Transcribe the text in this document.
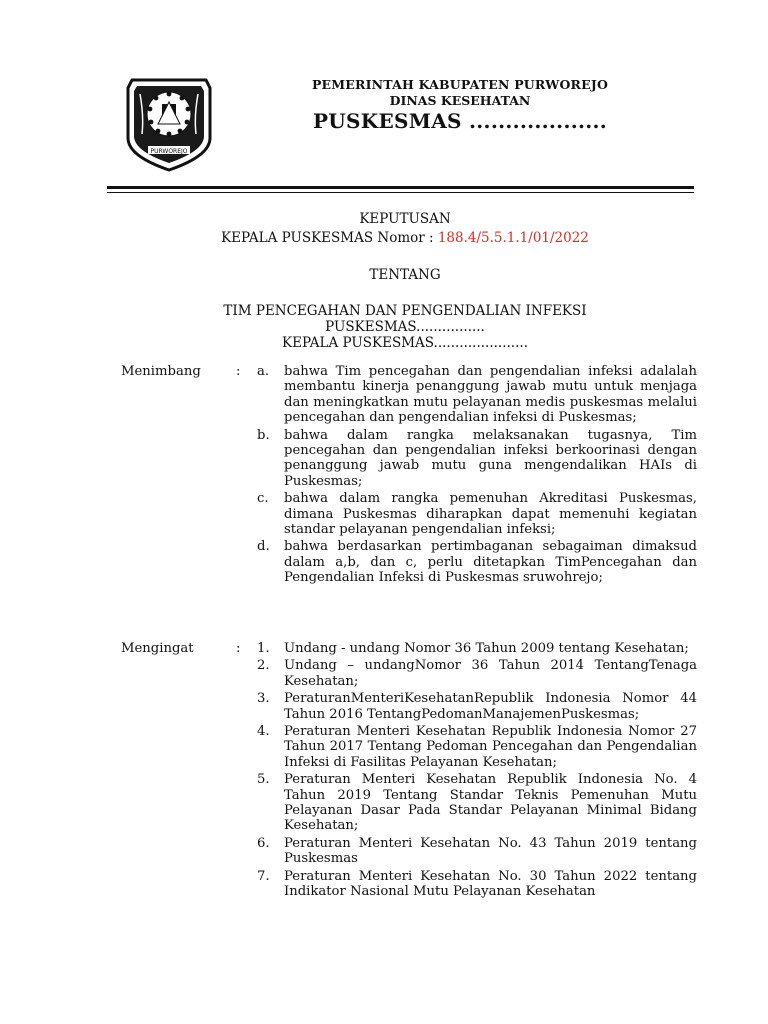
PURWOREJO
PEMERINTAH KABUPATEN PURWOREJO
DINAS KESEHATAN
PUSKESMAS ...................
KEPUTUSAN
KEPALA PUSKESMAS Nomor : 188.4/5.5.1.1/01/2022
TENTANG
TIM PENCEGAHAN DAN PENGENDALIAN INFEKSI
PUSKESMAS................
KEPALA PUSKESMAS......................
Menimbang	: a. bahwa Tim pencegahan dan pengendalian infeksi adalalah membantu kinerja penanggung jawab mutu untuk menjaga dan meningkatkan mutu pelayanan medis puskesmas melalui pencegahan dan pengendalian infeksi di Puskesmas;
b. bahwa dalam rangka melaksanakan tugasnya, Tim pencegahan dan pengendalian infeksi berkoorinasi dengan penanggung jawab mutu guna mengendalikan HAIs di Puskesmas;
c. bahwa dalam rangka pemenuhan Akreditasi Puskesmas, dimana Puskesmas diharapkan dapat memenuhi kegiatan standar pelayanan pengendalian infeksi;
d. bahwa berdasarkan pertimbaganan sebagaiman dimaksud dalam a,b, dan c, perlu ditetapkan TimPencegahan dan Pengendalian Infeksi di Puskesmas sruwohrejo;
Mengingat	: 1. Undang - undang Nomor 36 Tahun 2009 tentang Kesehatan;
2. Undang – undangNomor 36 Tahun 2014 TentangTenaga Kesehatan;
3. PeraturanMenteriKesehatanRepublik Indonesia Nomor 44 Tahun 2016 TentangPedomanManajemenPuskesmas;
4. Peraturan Menteri Kesehatan Republik Indonesia Nomor 27 Tahun 2017 Tentang Pedoman Pencegahan dan Pengendalian Infeksi di Fasilitas Pelayanan Kesehatan;
5. Peraturan Menteri Kesehatan Republik Indonesia No. 4 Tahun 2019 Tentang Standar Teknis Pemenuhan Mutu Pelayanan Dasar Pada Standar Pelayanan Minimal Bidang Kesehatan;
6. Peraturan Menteri Kesehatan No. 43 Tahun 2019 tentang Puskesmas
7. Peraturan Menteri Kesehatan No. 30 Tahun 2022 tentang Indikator Nasional Mutu Pelayanan Kesehatan
